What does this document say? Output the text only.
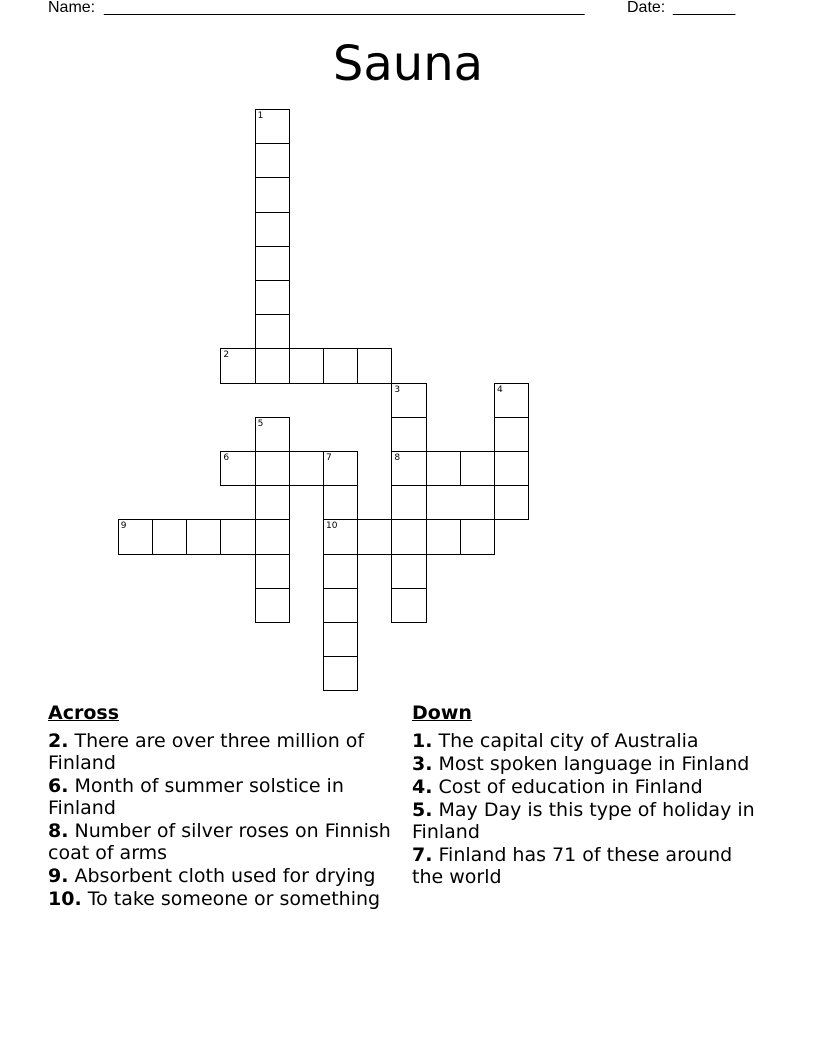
Name: ______________________________________________________	Date: _______
Sauna
1
2
3	4
5
6	7	8
9	10
Across
2. There are over three million of Finland
6. Month of summer solstice in Finland
8. Number of silver roses on Finnish coat of arms
9. Absorbent cloth used for drying
10. To take someone or something
Down
1. The capital city of Australia
3. Most spoken language in Finland
4. Cost of education in Finland
5. May Day is this type of holiday in Finland
7. Finland has 71 of these around the world
